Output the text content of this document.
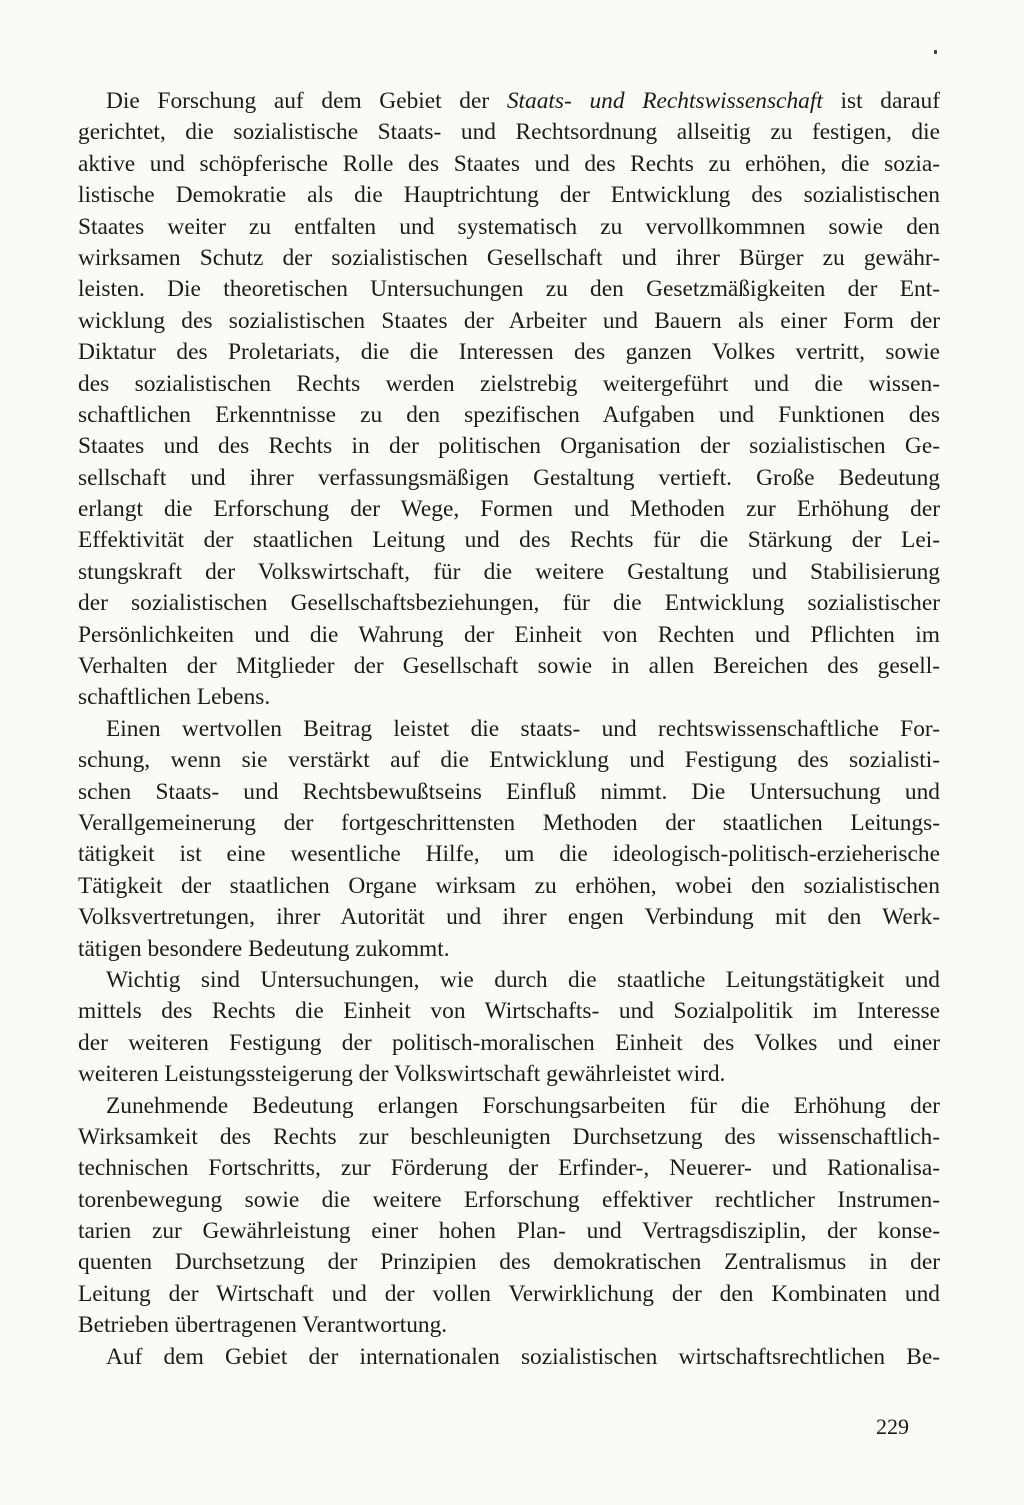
Die Forschung auf dem Gebiet der Staats- und Rechtswissenschaft ist darauf
gerichtet, die sozialistische Staats- und Rechtsordnung allseitig zu festigen, die
aktive und schöpferische Rolle des Staates und des Rechts zu erhöhen, die sozia-
listische Demokratie als die Hauptrichtung der Entwicklung des sozialistischen
Staates weiter zu entfalten und systematisch zu vervollkommnen sowie den
wirksamen Schutz der sozialistischen Gesellschaft und ihrer Bürger zu gewähr-
leisten. Die theoretischen Untersuchungen zu den Gesetzmäßigkeiten der Ent-
wicklung des sozialistischen Staates der Arbeiter und Bauern als einer Form der
Diktatur des Proletariats, die die Interessen des ganzen Volkes vertritt, sowie
des sozialistischen Rechts werden zielstrebig weitergeführt und die wissen-
schaftlichen Erkenntnisse zu den spezifischen Aufgaben und Funktionen des
Staates und des Rechts in der politischen Organisation der sozialistischen Ge-
sellschaft und ihrer verfassungsmäßigen Gestaltung vertieft. Große Bedeutung
erlangt die Erforschung der Wege, Formen und Methoden zur Erhöhung der
Effektivität der staatlichen Leitung und des Rechts für die Stärkung der Lei-
stungskraft der Volkswirtschaft, für die weitere Gestaltung und Stabilisierung
der sozialistischen Gesellschaftsbeziehungen, für die Entwicklung sozialistischer
Persönlichkeiten und die Wahrung der Einheit von Rechten und Pflichten im
Verhalten der Mitglieder der Gesellschaft sowie in allen Bereichen des gesell-
schaftlichen Lebens.
Einen wertvollen Beitrag leistet die staats- und rechtswissenschaftliche For-
schung, wenn sie verstärkt auf die Entwicklung und Festigung des sozialisti-
schen Staats- und Rechtsbewußtseins Einfluß nimmt. Die Untersuchung und
Verallgemeinerung der fortgeschrittensten Methoden der staatlichen Leitungs-
tätigkeit ist eine wesentliche Hilfe, um die ideologisch-politisch-erzieherische
Tätigkeit der staatlichen Organe wirksam zu erhöhen, wobei den sozialistischen
Volksvertretungen, ihrer Autorität und ihrer engen Verbindung mit den Werk-
tätigen besondere Bedeutung zukommt.
Wichtig sind Untersuchungen, wie durch die staatliche Leitungstätigkeit und
mittels des Rechts die Einheit von Wirtschafts- und Sozialpolitik im Interesse
der weiteren Festigung der politisch-moralischen Einheit des Volkes und einer
weiteren Leistungssteigerung der Volkswirtschaft gewährleistet wird.
Zunehmende Bedeutung erlangen Forschungsarbeiten für die Erhöhung der
Wirksamkeit des Rechts zur beschleunigten Durchsetzung des wissenschaftlich-
technischen Fortschritts, zur Förderung der Erfinder-, Neuerer- und Rationalisa-
torenbewegung sowie die weitere Erforschung effektiver rechtlicher Instrumen-
tarien zur Gewährleistung einer hohen Plan- und Vertragsdisziplin, der konse-
quenten Durchsetzung der Prinzipien des demokratischen Zentralismus in der
Leitung der Wirtschaft und der vollen Verwirklichung der den Kombinaten und
Betrieben übertragenen Verantwortung.
Auf dem Gebiet der internationalen sozialistischen wirtschaftsrechtlichen Be-
229
